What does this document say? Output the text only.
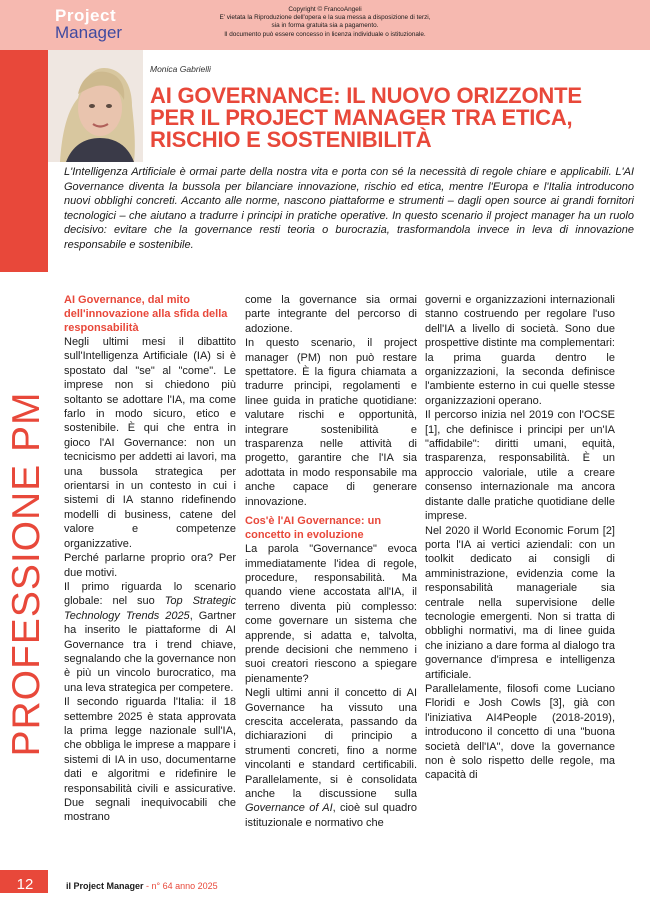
Project
Manager
Copyright © FrancoAngeli
E' vietata la Riproduzione dell'opera e la sua messa a disposizione di terzi,
sia in forma gratuita sia a pagamento.
Il documento può essere concesso in licenza individuale o istituzionale.
PROFESSIONE PM
12
Monica Gabrielli
AI GOVERNANCE: IL NUOVO ORIZZONTE PER IL PROJECT MANAGER TRA ETICA, RISCHIO E SOSTENIBILITÀ

L'Intelligenza Artificiale è ormai parte della nostra vita e porta con sé la necessità di regole chiare e applicabili. L'AI Governance diventa la bussola per bilanciare innovazione, rischio ed etica, mentre l'Europa e l'Italia introducono nuovi obblighi concreti. Accanto alle norme, nascono piattaforme e strumenti – dagli open source ai grandi fornitori tecnologici – che aiutano a tradurre i principi in pratiche operative. In questo scenario il project manager ha un ruolo decisivo: evitare che la governance resti teoria o burocrazia, trasformandola invece in leva di innovazione responsabile e sostenibile.

AI Governance, dal mito dell'innovazione alla sfida della responsabilità

Negli ultimi mesi il dibattito sull'Intelligenza Artificiale (IA) si è spostato dal "se" al "come". Le imprese non si chiedono più soltanto se adottare l'IA, ma come farlo in modo sicuro, etico e sostenibile. È qui che entra in gioco l'AI Governance: non un tecnicismo per addetti ai lavori, ma una bussola strategica per orientarsi in un contesto in cui i sistemi di IA stanno ridefinendo modelli di business, catene del valore e competenze organizzative.

Perché parlarne proprio ora? Per due motivi.

Il primo riguarda lo scenario globale: nel suo Top Strategic Technology Trends 2025, Gartner ha inserito le piattaforme di AI Governance tra i trend chiave, segnalando che la governance non è più un vincolo burocratico, ma una leva strategica per competere.

Il secondo riguarda l'Italia: il 18 settembre 2025 è stata approvata la prima legge nazionale sull'IA, che obbliga le imprese a mappare i sistemi di IA in uso, documentarne dati e algoritmi e ridefinire le responsabilità civili e assicurative. Due segnali inequivocabili che mostrano

come la governance sia ormai parte integrante del percorso di adozione.

In questo scenario, il project manager (PM) non può restare spettatore. È la figura chiamata a tradurre principi, regolamenti e linee guida in pratiche quotidiane: valutare rischi e opportunità, integrare sostenibilità e trasparenza nelle attività di progetto, garantire che l'IA sia adottata in modo responsabile ma anche capace di generare innovazione.

Cos'è l'AI Governance: un concetto in evoluzione

La parola "Governance" evoca immediatamente l'idea di regole, procedure, responsabilità. Ma quando viene accostata all'IA, il terreno diventa più complesso: come governare un sistema che apprende, si adatta e, talvolta, prende decisioni che nemmeno i suoi creatori riescono a spiegare pienamente?

Negli ultimi anni il concetto di AI Governance ha vissuto una crescita accelerata, passando da dichiarazioni di principio a strumenti concreti, fino a norme vincolanti e standard certificabili. Parallelamente, si è consolidata anche la discussione sulla Governance of AI, cioè sul quadro istituzionale e normativo che

governi e organizzazioni internazionali stanno costruendo per regolare l'uso dell'IA a livello di società. Sono due prospettive distinte ma complementari: la prima guarda dentro le organizzazioni, la seconda definisce l'ambiente esterno in cui quelle stesse organizzazioni operano.

Il percorso inizia nel 2019 con l'OCSE [1], che definisce i principi per un'IA "affidabile": diritti umani, equità, trasparenza, responsabilità. È un approccio valoriale, utile a creare consenso internazionale ma ancora distante dalle pratiche quotidiane delle imprese.

Nel 2020 il World Economic Forum [2] porta l'IA ai vertici aziendali: con un toolkit dedicato ai consigli di amministrazione, evidenzia come la responsabilità manageriale sia centrale nella supervisione delle tecnologie emergenti. Non si tratta di obblighi normativi, ma di linee guida che iniziano a dare forma al dialogo tra governance d'impresa e intelligenza artificiale.

Parallelamente, filosofi come Luciano Floridi e Josh Cowls [3], già con l'iniziativa AI4People (2018-2019), introducono il concetto di una "buona società dell'IA", dove la governance non è solo rispetto delle regole, ma capacità di

il Project Manager - n° 64 anno 2025
